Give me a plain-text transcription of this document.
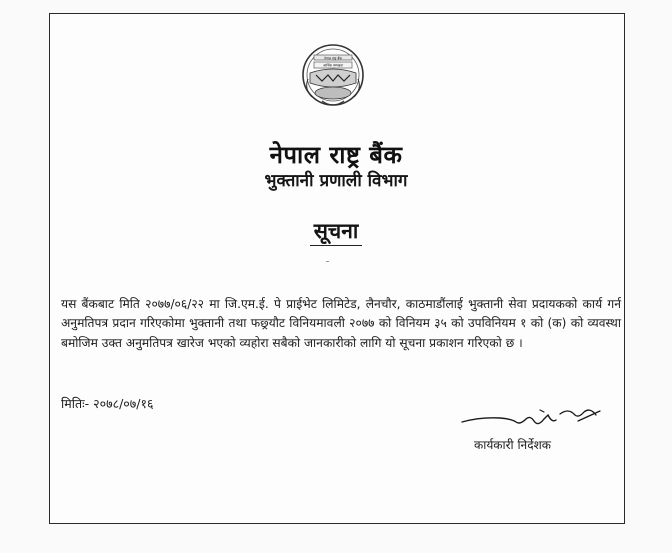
नेपाल राष्ट्र बैंक
आर्थिक सम्पन्नता
नेपाल राष्ट्र बैंक
भुक्तानी प्रणाली विभाग
सूचना
यस बैंकबाट मिति २०७७/०६/२२ मा जि.एम.ई. पे प्राईभेट लिमिटेड, लैनचौर, काठमाडौंलाई भुक्तानी सेवा प्रदायकको कार्य गर्न अनुमतिपत्र प्रदान गरिएकोमा भुक्तानी तथा फछ्र्यौट विनियमावली २०७७ को विनियम ३५ को उपविनियम १ को (क) को व्यवस्था बमोजिम उक्त अनुमतिपत्र खारेज भएको व्यहोरा सबैको जानकारीको लागि यो सूचना प्रकाशन गरिएको छ ।
मितिः- २०७८/०७/१६
कार्यकारी निर्देशक
